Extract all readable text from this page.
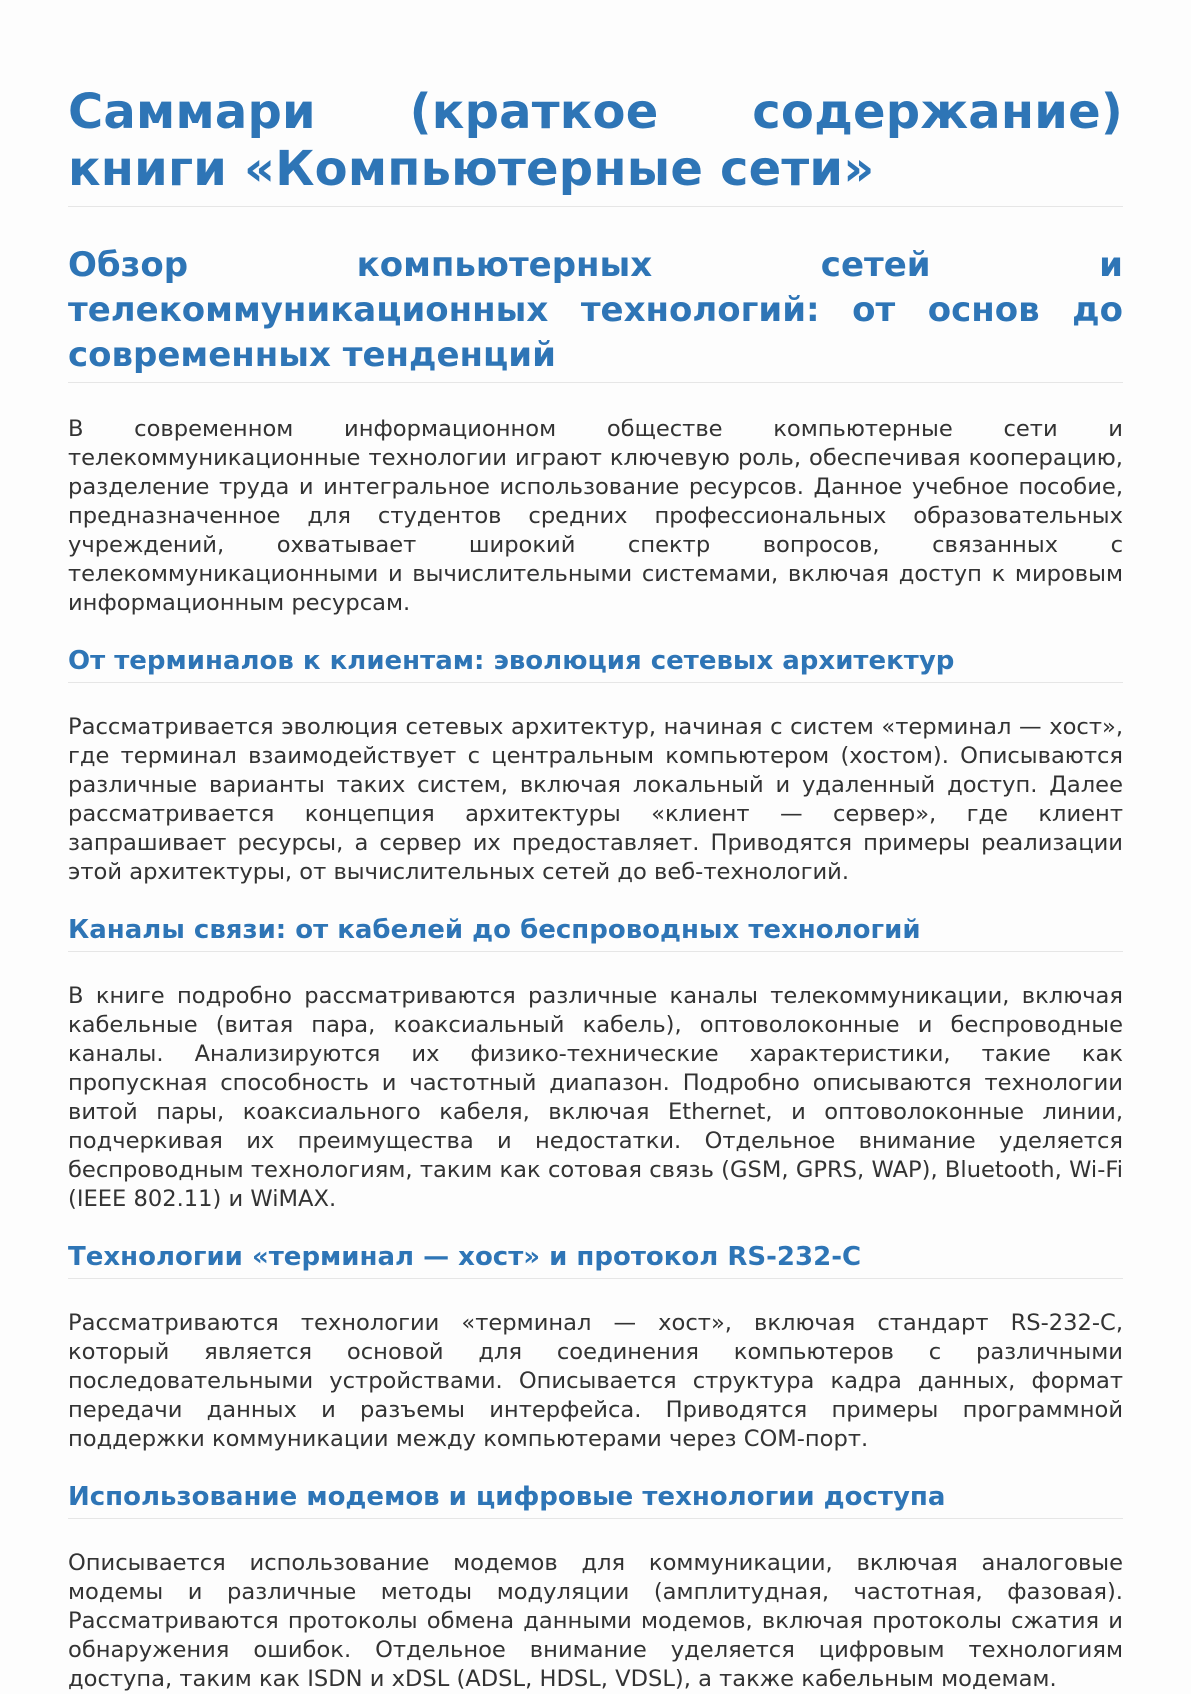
Саммари (краткое содержание) книги «Компьютерные сети»
Обзор компьютерных сетей и телекоммуникационных технологий: от основ до современных тенденций

В современном информационном обществе компьютерные сети и телекоммуникационные технологии играют ключевую роль, обеспечивая кооперацию, разделение труда и интегральное использование ресурсов. Данное учебное пособие, предназначенное для студентов средних профессиональных образовательных учреждений, охватывает широкий спектр вопросов, связанных с телекоммуникационными и вычислительными системами, включая доступ к мировым информационным ресурсам.

От терминалов к клиентам: эволюция сетевых архитектур

Рассматривается эволюция сетевых архитектур, начиная с систем «терминал — хост», где терминал взаимодействует с центральным компьютером (хостом). Описываются различные варианты таких систем, включая локальный и удаленный доступ. Далее рассматривается концепция архитектуры «клиент — сервер», где клиент запрашивает ресурсы, а сервер их предоставляет. Приводятся примеры реализации этой архитектуры, от вычислительных сетей до веб-технологий.

Каналы связи: от кабелей до беспроводных технологий

В книге подробно рассматриваются различные каналы телекоммуникации, включая кабельные (витая пара, коаксиальный кабель), оптоволоконные и беспроводные каналы. Анализируются их физико-технические характеристики, такие как пропускная способность и частотный диапазон. Подробно описываются технологии витой пары, коаксиального кабеля, включая Ethernet, и оптоволоконные линии, подчеркивая их преимущества и недостатки. Отдельное внимание уделяется беспроводным технологиям, таким как сотовая связь (GSM, GPRS, WAP), Bluetooth, Wi-Fi (IEEE 802.11) и WiMAX.

Технологии «терминал — хост» и протокол RS-232-C

Рассматриваются технологии «терминал — хост», включая стандарт RS-232-C, который является основой для соединения компьютеров с различными последовательными устройствами. Описывается структура кадра данных, формат передачи данных и разъемы интерфейса. Приводятся примеры программной поддержки коммуникации между компьютерами через COM-порт.

Использование модемов и цифровые технологии доступа

Описывается использование модемов для коммуникации, включая аналоговые модемы и различные методы модуляции (амплитудная, частотная, фазовая). Рассматриваются протоколы обмена данными модемов, включая протоколы сжатия и обнаружения ошибок. Отдельное внимание уделяется цифровым технологиям доступа, таким как ISDN и xDSL (ADSL, HDSL, VDSL), а также кабельным модемам.
